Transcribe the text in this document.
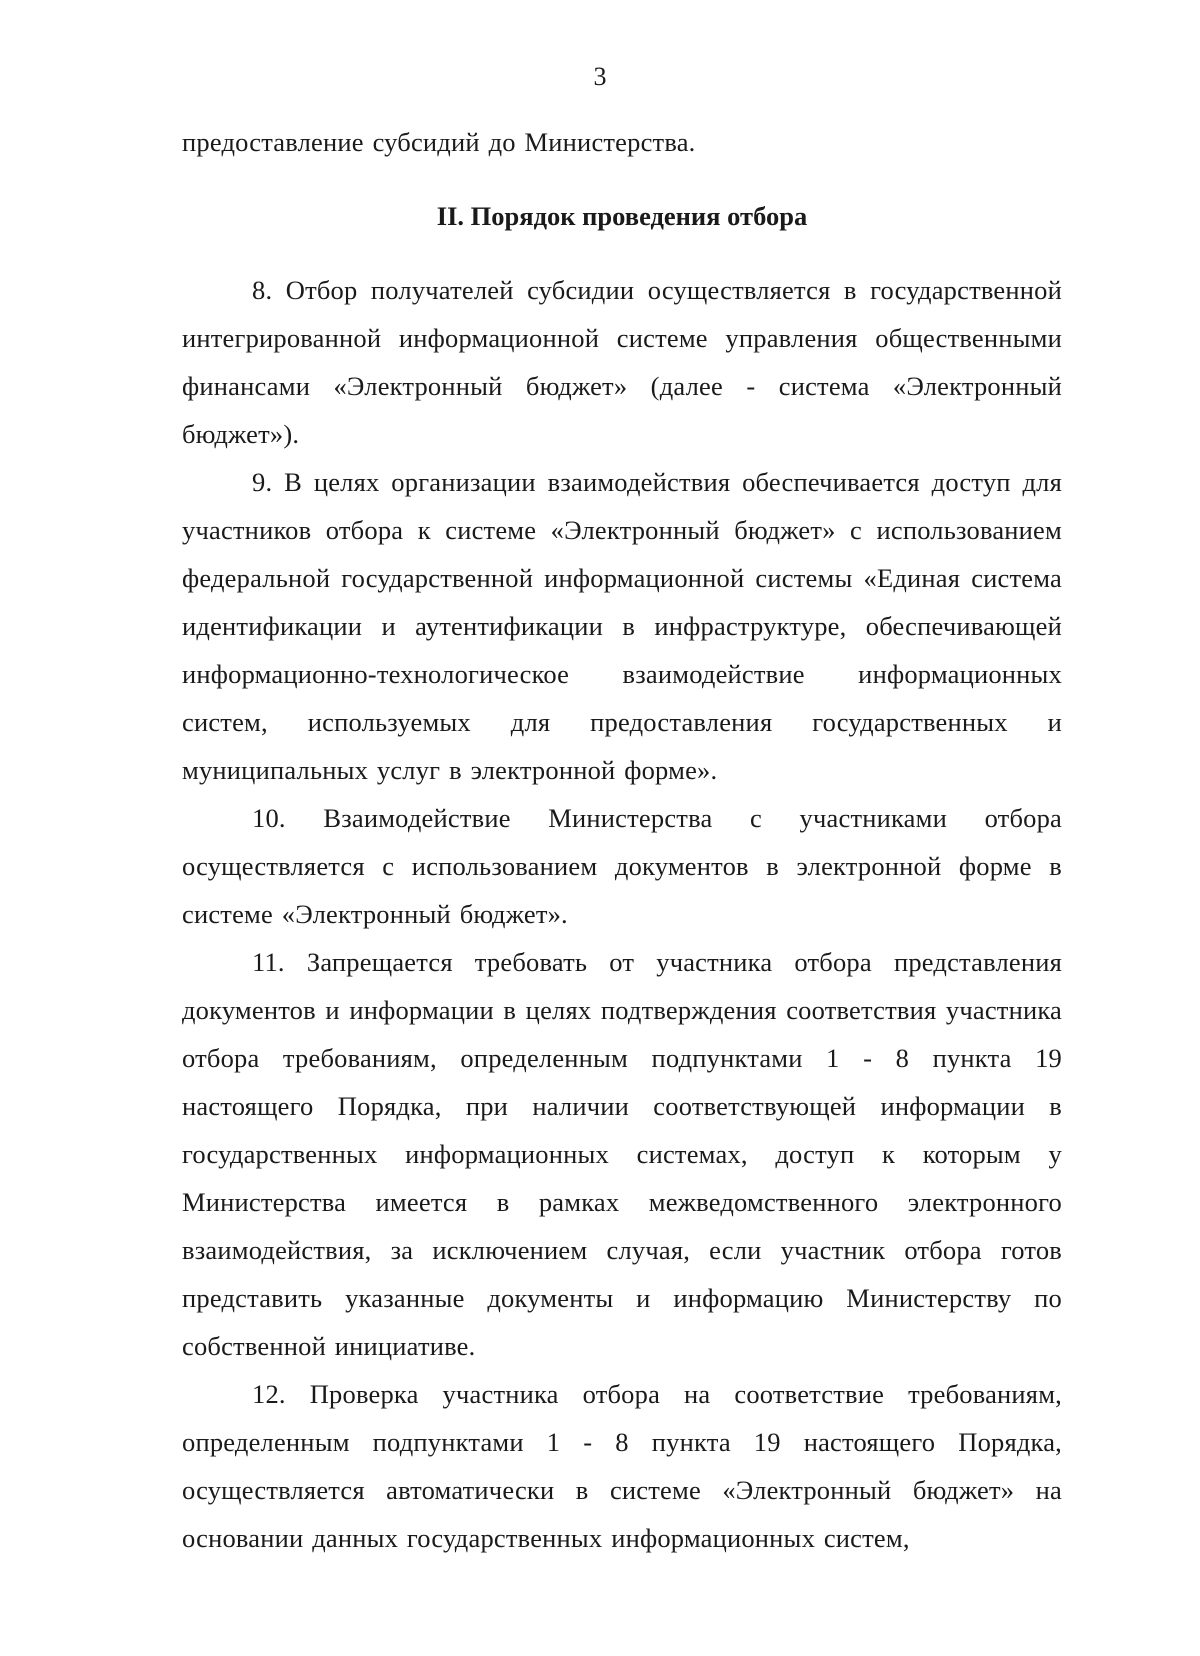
3

предоставление субсидий до Министерства.

II. Порядок проведения отбора

8. Отбор получателей субсидии осуществляется в государственной интегрированной информационной системе управления общественными финансами «Электронный бюджет» (далее - система «Электронный бюджет»).

9. В целях организации взаимодействия обеспечивается доступ для участников отбора к системе «Электронный бюджет» с использованием федеральной государственной информационной системы «Единая система идентификации и аутентификации в инфраструктуре, обеспечивающей информационно-технологическое взаимодействие информационных систем, используемых для предоставления государственных и муниципальных услуг в электронной форме».

10. Взаимодействие Министерства с участниками отбора осуществляется с использованием документов в электронной форме в системе «Электронный бюджет».

11. Запрещается требовать от участника отбора представления документов и информации в целях подтверждения соответствия участника отбора требованиям, определенным подпунктами 1 - 8 пункта 19 настоящего Порядка, при наличии соответствующей информации в государственных информационных системах, доступ к которым у Министерства имеется в рамках межведомственного электронного взаимодействия, за исключением случая, если участник отбора готов представить указанные документы и информацию Министерству по собственной инициативе.

12. Проверка участника отбора на соответствие требованиям, определенным подпунктами 1 - 8 пункта 19 настоящего Порядка, осуществляется автоматически в системе «Электронный бюджет» на основании данных государственных информационных систем,
